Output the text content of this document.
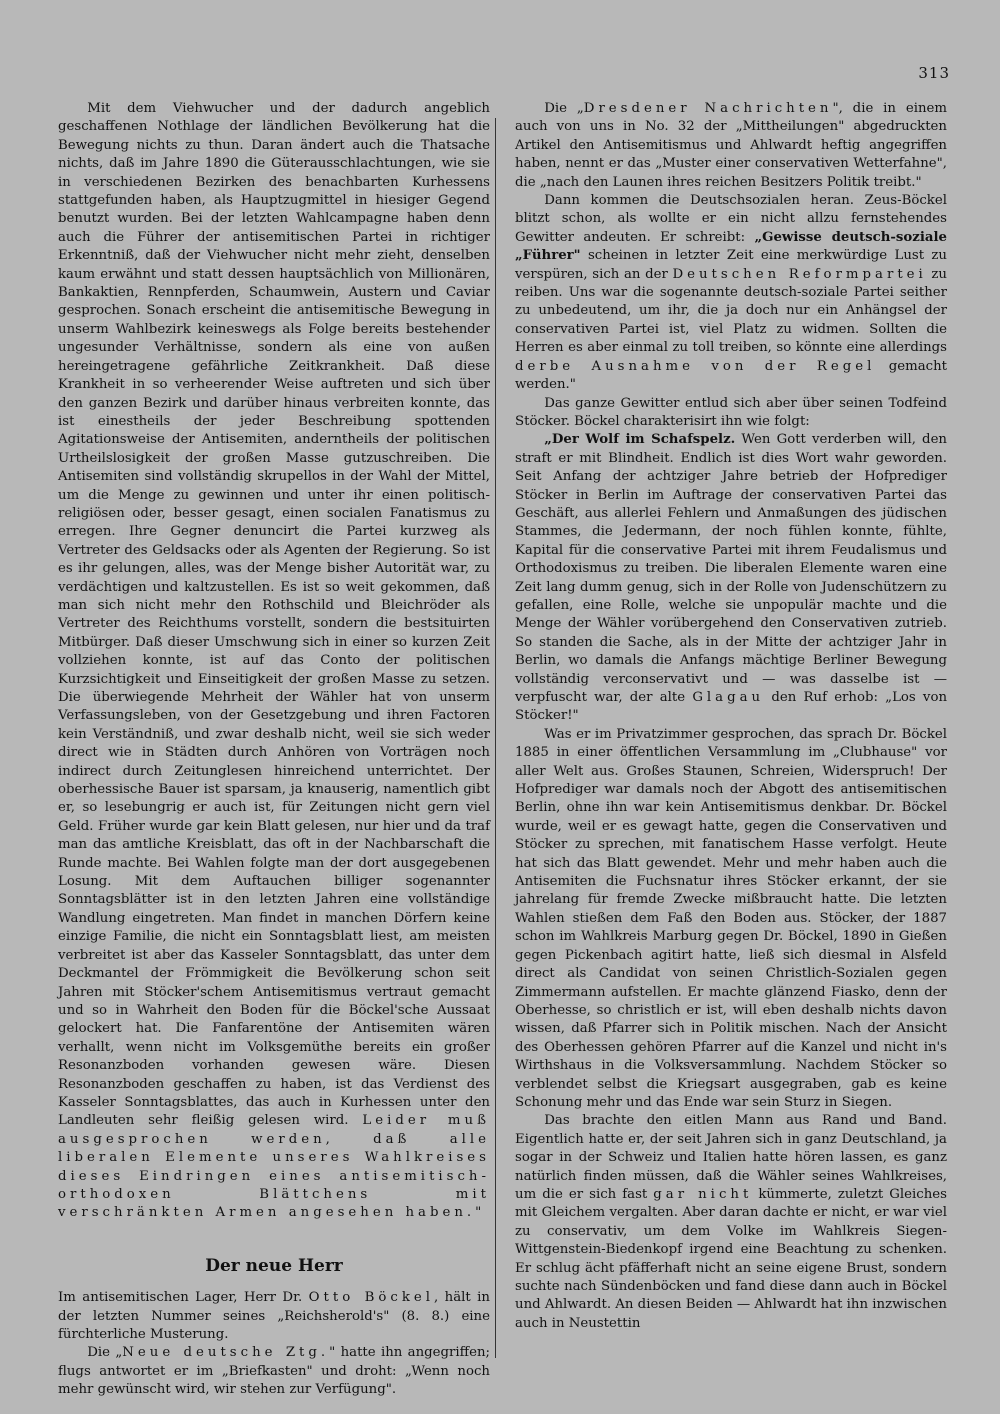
313

Mit dem Viehwucher und der dadurch angeblich geschaffenen Nothlage der ländlichen Bevölkerung hat die Bewegung nichts zu thun. Daran ändert auch die Thatsache nichts, daß im Jahre 1890 die Güterausschlachtungen, wie sie in verschiedenen Bezirken des benachbarten Kurhessens stattgefunden haben, als Hauptzugmittel in hiesiger Gegend benutzt wurden. Bei der letzten Wahlcampagne haben denn auch die Führer der antisemitischen Partei in richtiger Erkenntniß, daß der Viehwucher nicht mehr zieht, denselben kaum erwähnt und statt dessen hauptsächlich von Millionären, Bankaktien, Rennpferden, Schaumwein, Austern und Caviar gesprochen. Sonach erscheint die antisemitische Bewegung in unserm Wahlbezirk keineswegs als Folge bereits bestehender ungesunder Verhältnisse, sondern als eine von außen hereingetragene gefährliche Zeitkrankheit. Daß diese Krankheit in so verheerender Weise auftreten und sich über den ganzen Bezirk und darüber hinaus verbreiten konnte, das ist einestheils der jeder Beschreibung spottenden Agitationsweise der Antisemiten, anderntheils der politischen Urtheilslosigkeit der großen Masse gutzuschreiben. Die Antisemiten sind vollständig skrupellos in der Wahl der Mittel, um die Menge zu gewinnen und unter ihr einen politisch-religiösen oder, besser gesagt, einen socialen Fanatismus zu erregen. Ihre Gegner denuncirt die Partei kurzweg als Vertreter des Geldsacks oder als Agenten der Regierung. So ist es ihr gelungen, alles, was der Menge bisher Autorität war, zu verdächtigen und kaltzustellen. Es ist so weit gekommen, daß man sich nicht mehr den Rothschild und Bleichröder als Vertreter des Reichthums vorstellt, sondern die bestsituirten Mitbürger. Daß dieser Umschwung sich in einer so kurzen Zeit vollziehen konnte, ist auf das Conto der politischen Kurzsichtigkeit und Einseitigkeit der großen Masse zu setzen. Die überwiegende Mehrheit der Wähler hat von unserm Verfassungsleben, von der Gesetzgebung und ihren Factoren kein Verständniß, und zwar deshalb nicht, weil sie sich weder direct wie in Städten durch Anhören von Vorträgen noch indirect durch Zeitunglesen hinreichend unterrichtet. Der oberhessische Bauer ist sparsam, ja knauserig, namentlich gibt er, so lesebungrig er auch ist, für Zeitungen nicht gern viel Geld. Früher wurde gar kein Blatt gelesen, nur hier und da traf man das amtliche Kreisblatt, das oft in der Nachbarschaft die Runde machte. Bei Wahlen folgte man der dort ausgegebenen Losung. Mit dem Auftauchen billiger sogenannter Sonntagsblätter ist in den letzten Jahren eine vollständige Wandlung eingetreten. Man findet in manchen Dörfern keine einzige Familie, die nicht ein Sonntagsblatt liest, am meisten verbreitet ist aber das Kasseler Sonntagsblatt, das unter dem Deckmantel der Frömmigkeit die Bevölkerung schon seit Jahren mit Stöcker'schem Antisemitismus vertraut gemacht und so in Wahrheit den Boden für die Böckel'sche Aussaat gelockert hat. Die Fanfarentöne der Antisemiten wären verhallt, wenn nicht im Volksgemüthe bereits ein großer Resonanzboden vorhanden gewesen wäre. Diesen Resonanzboden geschaffen zu haben, ist das Verdienst des Kasseler Sonntagsblattes, das auch in Kurhessen unter den Landleuten sehr fleißig gelesen wird. Leider muß ausgesprochen werden, daß alle liberalen Elemente unseres Wahlkreises dieses Eindringen eines antisemitisch-orthodoxen Blättchens mit verschränkten Armen angesehen haben."

Der neue Herr

Im antisemitischen Lager, Herr Dr. Otto Böckel, hält in der letzten Nummer seines „Reichsherold's" (8. 8.) eine fürchterliche Musterung.

Die „Neue deutsche Ztg." hatte ihn angegriffen; flugs antwortet er im „Briefkasten" und droht: „Wenn noch mehr gewünscht wird, wir stehen zur Verfügung".

Die „Dresdener Nachrichten", die in einem auch von uns in No. 32 der „Mittheilungen" abgedruckten Artikel den Antisemitismus und Ahlwardt heftig angegriffen haben, nennt er das „Muster einer conservativen Wetterfahne", die „nach den Launen ihres reichen Besitzers Politik treibt."

Dann kommen die Deutschsozialen heran. Zeus-Böckel blitzt schon, als wollte er ein nicht allzu fernstehendes Gewitter andeuten. Er schreibt: „Gewisse deutsch-soziale „Führer" scheinen in letzter Zeit eine merkwürdige Lust zu verspüren, sich an der Deutschen Reformpartei zu reiben. Uns war die sogenannte deutsch-soziale Partei seither zu unbedeutend, um ihr, die ja doch nur ein Anhängsel der conservativen Partei ist, viel Platz zu widmen. Sollten die Herren es aber einmal zu toll treiben, so könnte eine allerdings derbe Ausnahme von der Regel gemacht werden."

Das ganze Gewitter entlud sich aber über seinen Todfeind Stöcker. Böckel charakterisirt ihn wie folgt:

„Der Wolf im Schafspelz. Wen Gott verderben will, den straft er mit Blindheit. Endlich ist dies Wort wahr geworden. Seit Anfang der achtziger Jahre betrieb der Hofprediger Stöcker in Berlin im Auftrage der conservativen Partei das Geschäft, aus allerlei Fehlern und Anmaßungen des jüdischen Stammes, die Jedermann, der noch fühlen konnte, fühlte, Kapital für die conservative Partei mit ihrem Feudalismus und Orthodoxismus zu treiben. Die liberalen Elemente waren eine Zeit lang dumm genug, sich in der Rolle von Judenschützern zu gefallen, eine Rolle, welche sie unpopulär machte und die Menge der Wähler vorübergehend den Conservativen zutrieb. So standen die Sache, als in der Mitte der achtziger Jahr in Berlin, wo damals die Anfangs mächtige Berliner Bewegung vollständig verconservativt und — was dasselbe ist — verpfuscht war, der alte Glagau den Ruf erhob: „Los von Stöcker!"

Was er im Privatzimmer gesprochen, das sprach Dr. Böckel 1885 in einer öffentlichen Versammlung im „Clubhause" vor aller Welt aus. Großes Staunen, Schreien, Widerspruch! Der Hofprediger war damals noch der Abgott des antisemitischen Berlin, ohne ihn war kein Antisemitismus denkbar. Dr. Böckel wurde, weil er es gewagt hatte, gegen die Conservativen und Stöcker zu sprechen, mit fanatischem Hasse verfolgt. Heute hat sich das Blatt gewendet. Mehr und mehr haben auch die Antisemiten die Fuchsnatur ihres Stöcker erkannt, der sie jahrelang für fremde Zwecke mißbraucht hatte. Die letzten Wahlen stießen dem Faß den Boden aus. Stöcker, der 1887 schon im Wahlkreis Marburg gegen Dr. Böckel, 1890 in Gießen gegen Pickenbach agitirt hatte, ließ sich diesmal in Alsfeld direct als Candidat von seinen Christlich-Sozialen gegen Zimmermann aufstellen. Er machte glänzend Fiasko, denn der Oberhesse, so christlich er ist, will eben deshalb nichts davon wissen, daß Pfarrer sich in Politik mischen. Nach der Ansicht des Oberhessen gehören Pfarrer auf die Kanzel und nicht in's Wirthshaus in die Volksversammlung. Nachdem Stöcker so verblendet selbst die Kriegsart ausgegraben, gab es keine Schonung mehr und das Ende war sein Sturz in Siegen.

Das brachte den eitlen Mann aus Rand und Band. Eigentlich hatte er, der seit Jahren sich in ganz Deutschland, ja sogar in der Schweiz und Italien hatte hören lassen, es ganz natürlich finden müssen, daß die Wähler seines Wahlkreises, um die er sich fast gar nicht kümmerte, zuletzt Gleiches mit Gleichem vergalten. Aber daran dachte er nicht, er war viel zu conservativ, um dem Volke im Wahlkreis Siegen-Wittgenstein-Biedenkopf irgend eine Beachtung zu schenken. Er schlug ächt pfäfferhaft nicht an seine eigene Brust, sondern suchte nach Sündenböcken und fand diese dann auch in Böckel und Ahlwardt. An diesen Beiden — Ahlwardt hat ihn inzwischen auch in Neustettin
